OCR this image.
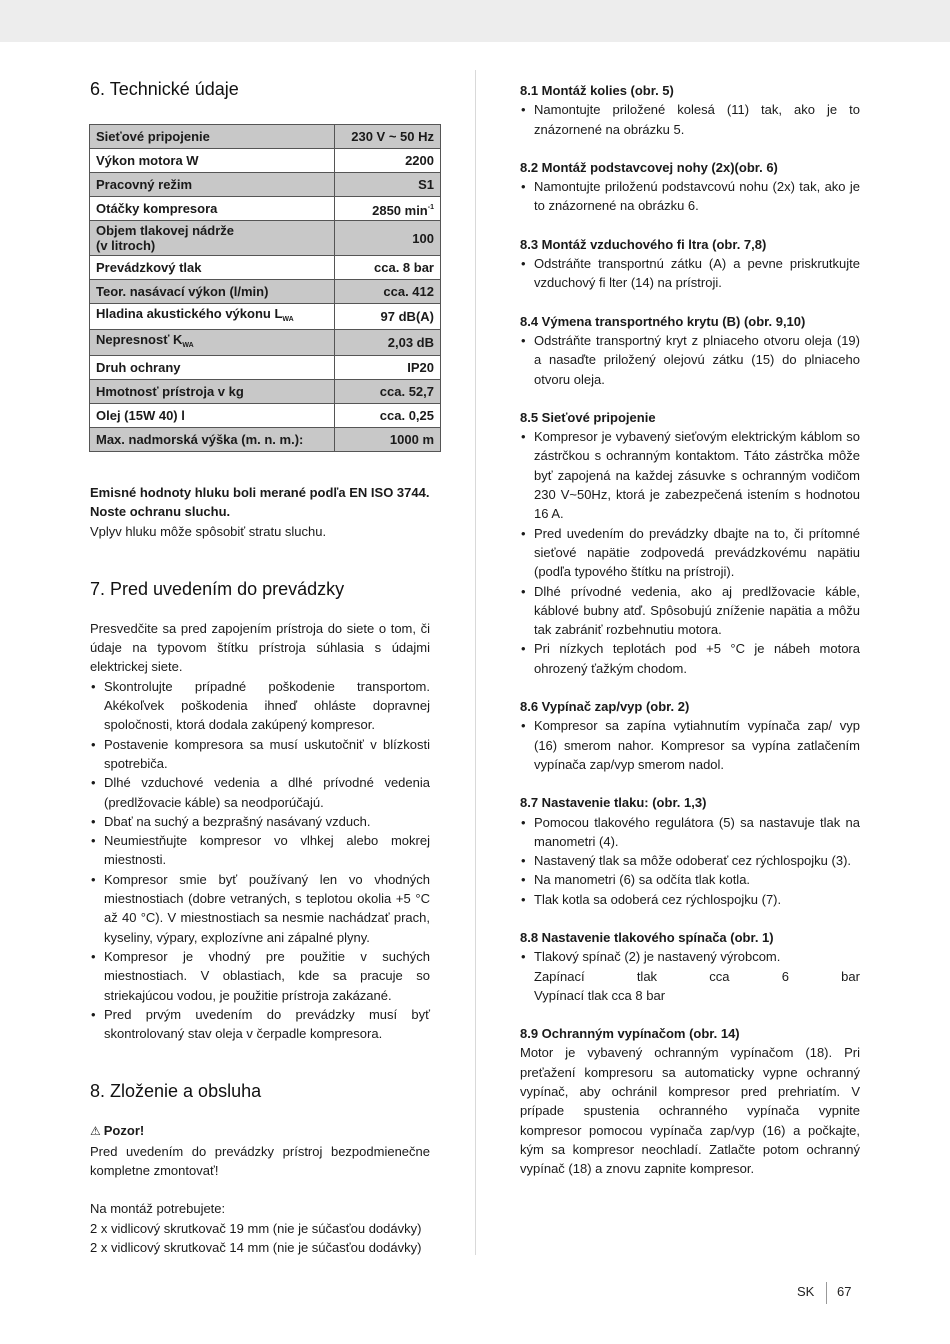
6. Technické údaje
Sieťové pripojenie	230 V ~ 50 Hz
Výkon motora W	2200
Pracovný režim	S1
Otáčky kompresora	2850 $\min^{-1}$
Objem tlakovej nádrže
(v litroch)	100
Prevádzkový tlak	cca. 8 bar
Teor. nasávací výkon (l/min)	cca. 412
Hladina akustického výkonu $L_{WA}$	97 dB(A)
Nepresnosť $K_{WA}$	2,03 dB
Druh ochrany	IP20
Hmotnosť prístroja v kg	cca. 52,7
Olej (15W 40) l	cca. 0,25
Max. nadmorská výška (m. n. m.):	1000 m

Emisné hodnoty hluku boli merané podľa EN ISO 3744.

Noste ochranu sluchu.

Vplyv hluku môže spôsobiť stratu sluchu.

7. Pred uvedením do prevádzky

Presvedčite sa pred zapojením prístroja do siete o tom, či údaje na typovom štítku prístroja súhlasia s údajmi elektrickej siete.

• Skontrolujte prípadné poškodenie transportom. Akékoľvek poškodenia ihneď ohláste dopravnej spoločnosti, ktorá dodala zakúpený kompresor.
• Postavenie kompresora sa musí uskutočniť v blízkosti spotrebiča.
• Dlhé vzduchové vedenia a dlhé prívodné vedenia (predlžovacie káble) sa neodporúčajú.
• Dbať na suchý a bezprašný nasávaný vzduch.
• Neumiestňujte kompresor vo vlhkej alebo mokrej miestnosti.
• Kompresor smie byť používaný len vo vhodných miestnostiach (dobre vetraných, s teplotou okolia +5 °C až 40 °C). V miestnostiach sa nesmie nachádzať prach, kyseliny, výpary, explozívne ani zápalné plyny.
• Kompresor je vhodný pre použitie v suchých miestnostiach. V oblastiach, kde sa pracuje so striekajúcou vodou, je použitie prístroja zakázané.
• Pred prvým uvedením do prevádzky musí byť skontrolovaný stav oleja v čerpadle kompresora.
8. Zloženie a obsluha

⚠ Pozor!

Pred uvedením do prevádzky prístroj bezpodmienečne kompletne zmontovať!

Na montáž potrebujete:

2 x vidlicový skrutkovač 19 mm (nie je súčasťou dodávky)

2 x vidlicový skrutkovač 14 mm (nie je súčasťou dodávky)

8.1 Montáž kolies (obr. 5)
• Namontujte priložené kolesá (11) tak, ako je to znázornené na obrázku 5.
8.2 Montáž podstavcovej nohy (2x)(obr. 6)
• Namontujte priloženú podstavcovú nohu (2x) tak, ako je to znázornené na obrázku 6.
8.3 Montáž vzduchového fi ltra (obr. 7,8)
• Odstráňte transportnú zátku (A) a pevne priskrutkujte vzduchový fi lter (14) na prístroji.
8.4 Výmena transportného krytu (B) (obr. 9,10)
• Odstráňte transportný kryt z plniaceho otvoru oleja (19) a nasaďte priložený olejovú zátku (15) do plniaceho otvoru oleja.
8.5 Sieťové pripojenie
• Kompresor je vybavený sieťovým elektrickým káblom so zástrčkou s ochranným kontaktom. Táto zástrčka môže byť zapojená na každej zásuvke s ochranným vodičom 230 V~50Hz, ktorá je zabezpečená istením s hodnotou 16 A.
• Pred uvedením do prevádzky dbajte na to, či prítomné sieťové napätie zodpovedá prevádzkovému napätiu (podľa typového štítku na prístroji).
• Dlhé prívodné vedenia, ako aj predlžovacie káble, káblové bubny atď. Spôsobujú zníženie napätia a môžu tak zabrániť rozbehnutiu motora.
• Pri nízkych teplotách pod +5 °C je nábeh motora ohrozený ťažkým chodom.
8.6 Vypínač zap/vyp (obr. 2)
• Kompresor sa zapína vytiahnutím vypínača zap/ vyp (16) smerom nahor. Kompresor sa vypína zatlačením vypínača zap/vyp smerom nadol.
8.7 Nastavenie tlaku: (obr. 1,3)
• Pomocou tlakového regulátora (5) sa nastavuje tlak na manometri (4).
• Nastavený tlak sa môže odoberať cez rýchlospojku (3).
• Na manometri (6) sa odčíta tlak kotla.
• Tlak kotla sa odoberá cez rýchlospojku (7).
8.8 Nastavenie tlakového spínača (obr. 1)
• Tlakový spínač (2) je nastavený výrobcom.
Zapínací	tlak	cca	6	bar
Vypínací tlak cca 8 bar
8.9 Ochranným vypínačom (obr. 14)

Motor je vybavený ochranným vypínačom (18). Pri preťažení kompresoru sa automaticky vypne ochranný vypínač, aby ochránil kompresor pred prehriatím. V prípade spustenia ochranného vypínača vypnite kompresor pomocou vypínača zap/vyp (16) a počkajte, kým sa kompresor neochladí. Zatlačte potom ochranný vypínač (18) a znovu zapnite kompresor.

SK 67
